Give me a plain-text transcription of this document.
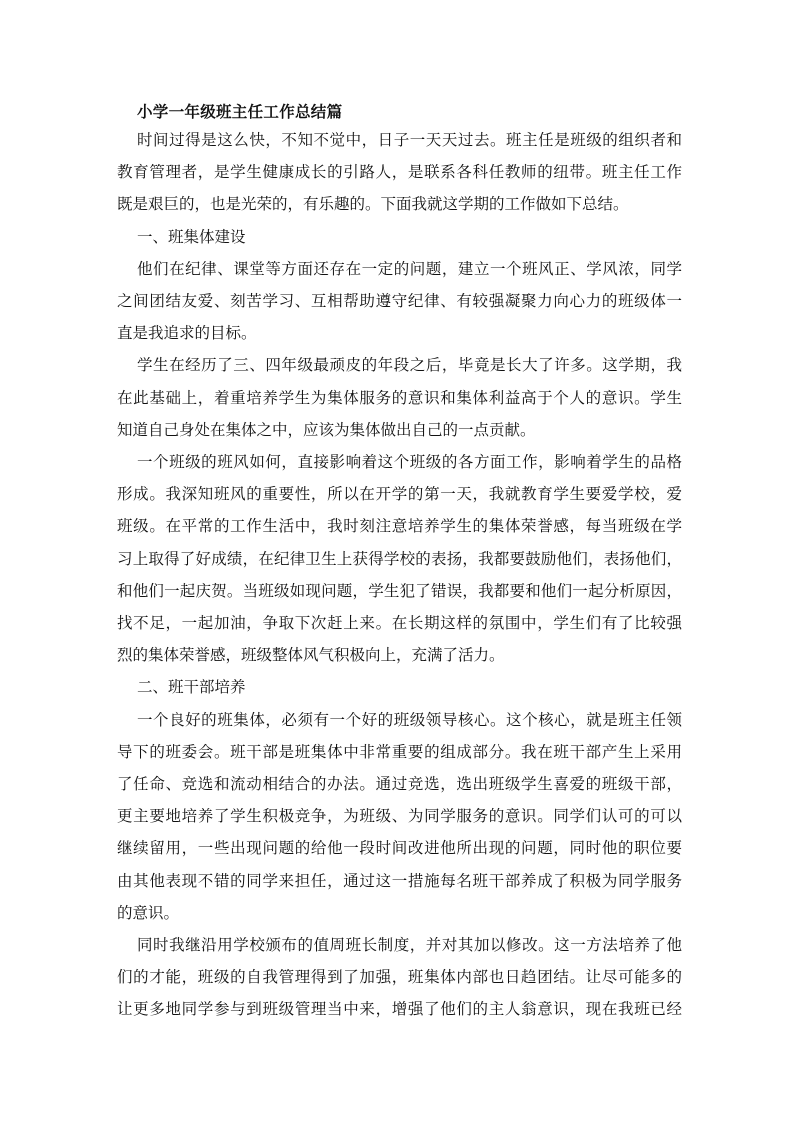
小学一年级班主任工作总结篇
时间过得是这么快，不知不觉中，日子一天天过去。班主任是班级的组织者和
教育管理者，是学生健康成长的引路人，是联系各科任教师的纽带。班主任工作
既是艰巨的，也是光荣的，有乐趣的。下面我就这学期的工作做如下总结。
一、班集体建设
他们在纪律、课堂等方面还存在一定的问题，建立一个班风正、学风浓，同学
之间团结友爱、刻苦学习、互相帮助遵守纪律、有较强凝聚力向心力的班级体一
直是我追求的目标。
学生在经历了三、四年级最顽皮的年段之后，毕竟是长大了许多。这学期，我
在此基础上，着重培养学生为集体服务的意识和集体利益高于个人的意识。学生
知道自己身处在集体之中，应该为集体做出自己的一点贡献。
一个班级的班风如何，直接影响着这个班级的各方面工作，影响着学生的品格
形成。我深知班风的重要性，所以在开学的第一天，我就教育学生要爱学校，爱
班级。在平常的工作生活中，我时刻注意培养学生的集体荣誉感，每当班级在学
习上取得了好成绩，在纪律卫生上获得学校的表扬，我都要鼓励他们，表扬他们，
和他们一起庆贺。当班级如现问题，学生犯了错误，我都要和他们一起分析原因，
找不足，一起加油，争取下次赶上来。在长期这样的氛围中，学生们有了比较强
烈的集体荣誉感，班级整体风气积极向上，充满了活力。
二、班干部培养
一个良好的班集体，必须有一个好的班级领导核心。这个核心，就是班主任领
导下的班委会。班干部是班集体中非常重要的组成部分。我在班干部产生上采用
了任命、竞选和流动相结合的办法。通过竞选，选出班级学生喜爱的班级干部，
更主要地培养了学生积极竞争，为班级、为同学服务的意识。同学们认可的可以
继续留用，一些出现问题的给他一段时间改进他所出现的问题，同时他的职位要
由其他表现不错的同学来担任，通过这一措施每名班干部养成了积极为同学服务
的意识。
同时我继沿用学校颁布的值周班长制度，并对其加以修改。这一方法培养了他
们的才能，班级的自我管理得到了加强，班集体内部也日趋团结。让尽可能多的
让更多地同学参与到班级管理当中来，增强了他们的主人翁意识，现在我班已经
